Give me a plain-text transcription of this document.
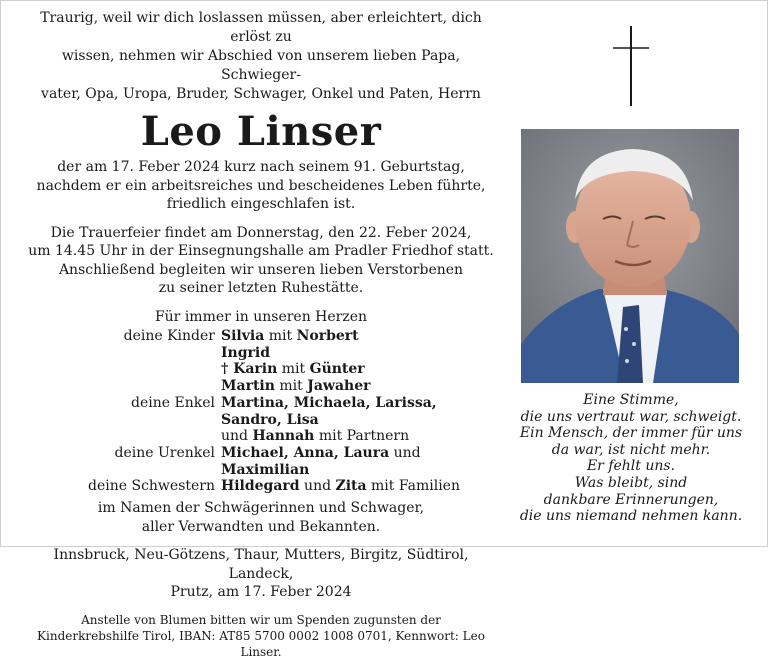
Traurig, weil wir dich loslassen müssen, aber erleichtert, dich erlöst zu
wissen, nehmen wir Abschied von unserem lieben Papa, Schwieger-
vater, Opa, Uropa, Bruder, Schwager, Onkel und Paten, Herrn
Leo Linser

der am 17. Feber 2024 kurz nach seinem 91. Geburtstag,

nachdem er ein arbeitsreiches und bescheidenes Leben führte,

friedlich eingeschlafen ist.

Die Trauerfeier findet am Donnerstag, den 22. Feber 2024,

um 14.45 Uhr in der Einsegnungshalle am Pradler Friedhof statt.

Anschließend begleiten wir unseren lieben Verstorbenen

zu seiner letzten Ruhestätte.

Für immer in unseren Herzen
deine Kinder Silvia mit Norbert
Ingrid
† Karin mit Günter
Martin mit Jawaher
deine Enkel Martina, Michaela, Larissa, Sandro, Lisa
und Hannah mit Partnern
deine Urenkel Michael, Anna, Laura und Maximilian
deine Schwestern Hildegard und Zita mit Familien
im Namen der Schwägerinnen und Schwager,
aller Verwandten und Bekannten.
Innsbruck, Neu-Götzens, Thaur, Mutters, Birgitz, Südtirol, Landeck,
Prutz, am 17. Feber 2024
Anstelle von Blumen bitten wir um Spenden zugunsten der
Kinderkrebshilfe Tirol, IBAN: AT85 5700 0002 1008 0701, Kennwort: Leo Linser.

Eine Stimme,

die uns vertraut war, schweigt.

Ein Mensch, der immer für uns

da war, ist nicht mehr.

Er fehlt uns.

Was bleibt, sind

dankbare Erinnerungen,

die uns niemand nehmen kann.
